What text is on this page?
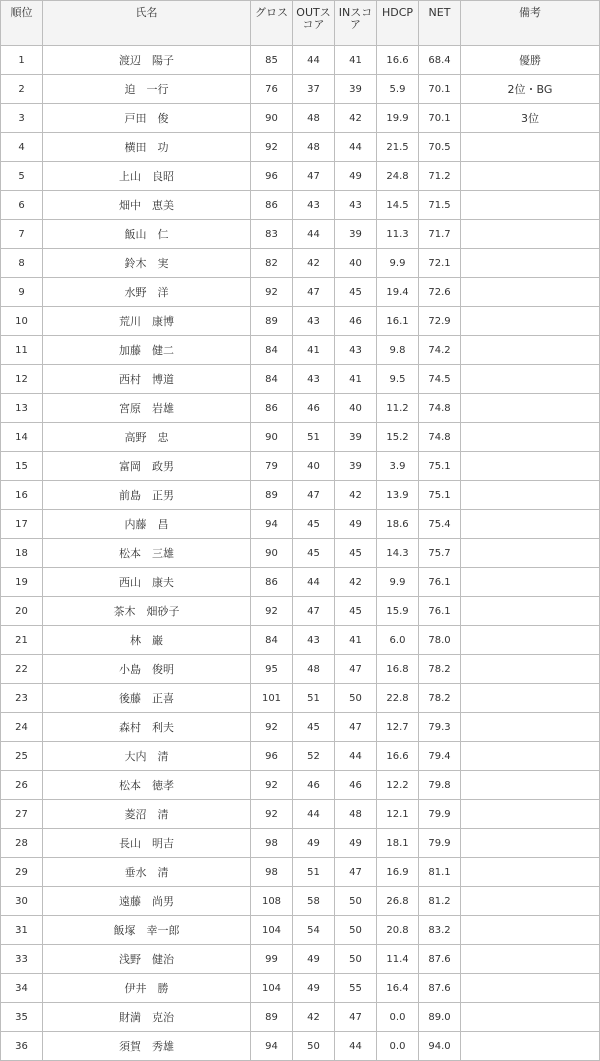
順位	氏名	グロス	OUTスコア	INスコア	HDCP	NET	備考
1	渡辺　陽子	85	44	41	16.6	68.4	優勝
2	迫　一行	76	37	39	5.9	70.1	2位・BG
3	戸田　俊	90	48	42	19.9	70.1	3位
4	横田　功	92	48	44	21.5	70.5	
5	上山　良昭	96	47	49	24.8	71.2	
6	畑中　恵美	86	43	43	14.5	71.5	
7	飯山　仁	83	44	39	11.3	71.7	
8	鈴木　実	82	42	40	9.9	72.1	
9	水野　洋	92	47	45	19.4	72.6	
10	荒川　康博	89	43	46	16.1	72.9	
11	加藤　健二	84	41	43	9.8	74.2	
12	西村　博道	84	43	41	9.5	74.5	
13	宮原　岩雄	86	46	40	11.2	74.8	
14	高野　忠	90	51	39	15.2	74.8	
15	富岡　政男	79	40	39	3.9	75.1	
16	前島　正男	89	47	42	13.9	75.1	
17	内藤　昌	94	45	49	18.6	75.4	
18	松本　三雄	90	45	45	14.3	75.7	
19	西山　康夫	86	44	42	9.9	76.1	
20	茶木　畑砂子	92	47	45	15.9	76.1	
21	林　巌	84	43	41	6.0	78.0	
22	小島　俊明	95	48	47	16.8	78.2	
23	後藤　正喜	101	51	50	22.8	78.2	
24	森村　利夫	92	45	47	12.7	79.3	
25	大内　清	96	52	44	16.6	79.4	
26	松本　徳孝	92	46	46	12.2	79.8	
27	菱沼　清	92	44	48	12.1	79.9	
28	長山　明吉	98	49	49	18.1	79.9	
29	垂水　清	98	51	47	16.9	81.1	
30	遠藤　尚男	108	58	50	26.8	81.2	
31	飯塚　幸一郎	104	54	50	20.8	83.2	
33	浅野　健治	99	49	50	11.4	87.6	
34	伊井　勝	104	49	55	16.4	87.6	
35	財満　克治	89	42	47	0.0	89.0	
36	須賀　秀雄	94	50	44	0.0	94.0	
